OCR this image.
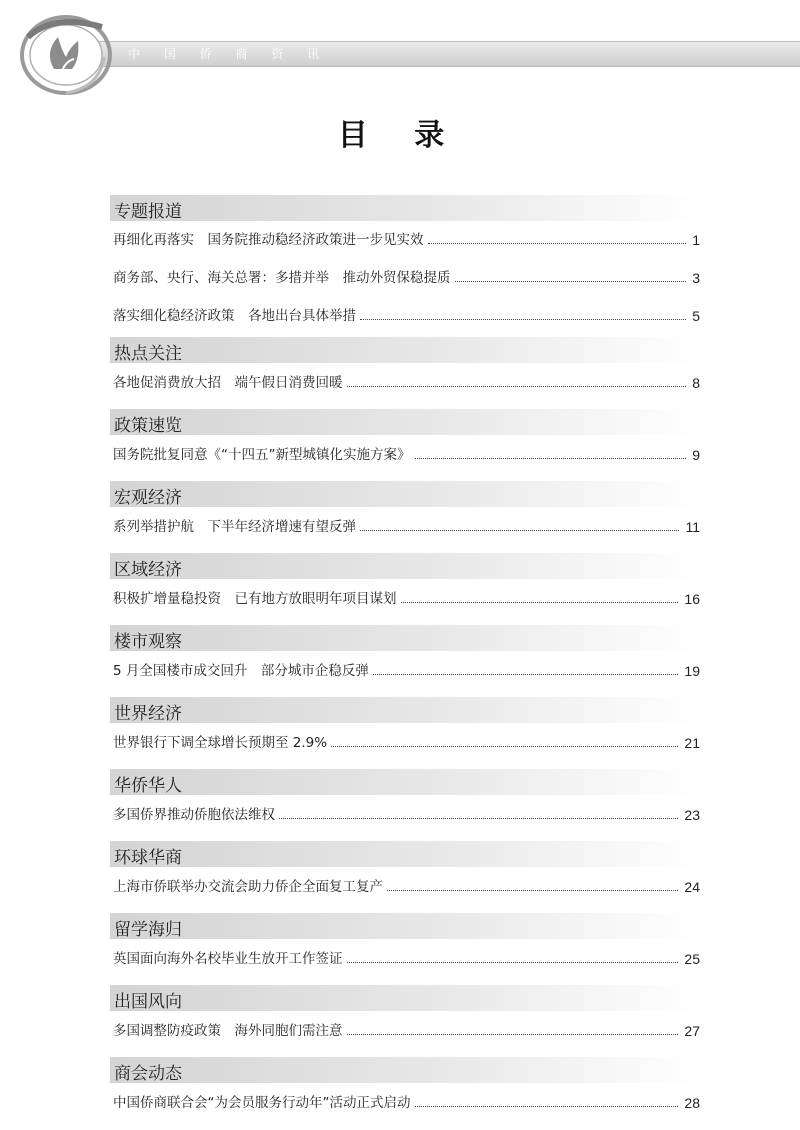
中 国 侨 商 资 讯
目 录
专题报道
再细化再落实　国务院推动稳经济政策进一步见实效	1
商务部、央行、海关总署：多措并举　推动外贸保稳提质	3
落实细化稳经济政策　各地出台具体举措	5
热点关注
各地促消费放大招　端午假日消费回暖	8
政策速览
国务院批复同意《“十四五”新型城镇化实施方案》	9
宏观经济
系列举措护航　下半年经济增速有望反弹	11
区域经济
积极扩增量稳投资　已有地方放眼明年项目谋划	16
楼市观察
5 月全国楼市成交回升　部分城市企稳反弹	19
世界经济
世界银行下调全球增长预期至 2.9%	21
华侨华人
多国侨界推动侨胞依法维权	23
环球华商
上海市侨联举办交流会助力侨企全面复工复产	24
留学海归
英国面向海外名校毕业生放开工作签证	25
出国风向
多国调整防疫政策　海外同胞们需注意	27
商会动态
中国侨商联合会“为会员服务行动年”活动正式启动	28
